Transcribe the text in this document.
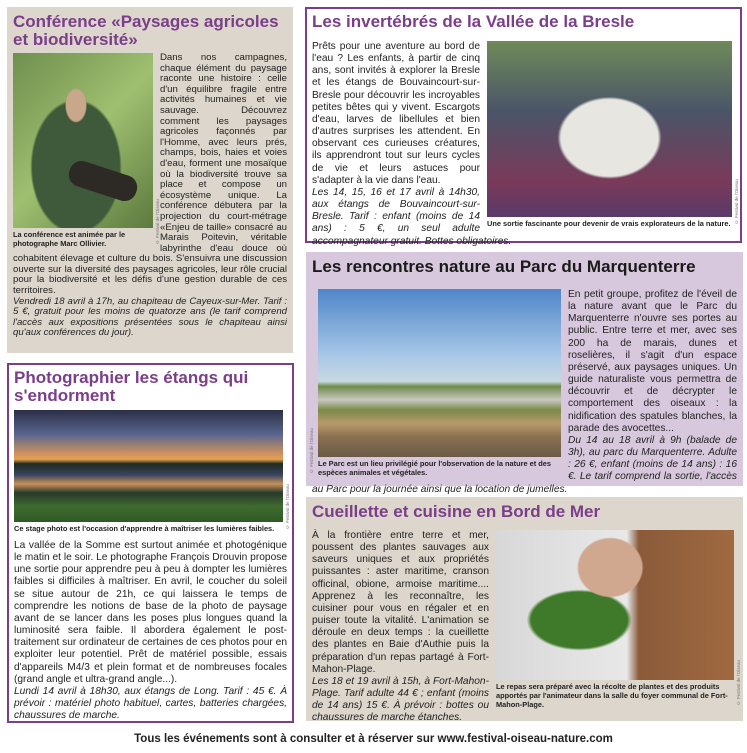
Conférence «Paysages agricoles et biodiversité»
© Festival de l'Oiseau
La conférence est animée par le photographe Marc Ollivier.

Dans nos campagnes, chaque élément du paysage raconte une histoire : celle d'un équilibre fragile entre activités humaines et vie sauvage. Découvrez comment les paysages agricoles façonnés par l'Homme, avec leurs prés, champs, bois, haies et voies d'eau, forment une mosaïque où la biodiversité trouve sa place et compose un écosystème unique. La conférence débutera par la projection du court-métrage «Enjeu de taille» consacré au Marais Poitevin, véritable labyrinthe d'eau douce où cohabitent élevage et culture du bois. S'ensuivra une discussion ouverte sur la diversité des paysages agricoles, leur rôle crucial pour la biodiversité et les défis d'une gestion durable de ces territoires.

Vendredi 18 avril à 17h, au chapiteau de Cayeux-sur-Mer. Tarif : 5 €, gratuit pour les moins de quatorze ans (le tarif comprend l'accès aux expositions présentées sous le chapiteau ainsi qu'aux conférences du jour).

Photographier les étangs qui s'endorment
© Festival de l'Oiseau
Ce stage photo est l'occasion d'apprendre à maîtriser les lumières faibles.

La vallée de la Somme est surtout animée et photogénique le matin et le soir. Le photographe François Drouvin propose une sortie pour apprendre peu à peu à dompter les lumières faibles si difficiles à maîtriser. En avril, le coucher du soleil se situe autour de 21h, ce qui laissera le temps de comprendre les notions de base de la photo de paysage avant de se lancer dans les poses plus longues quand la luminosité sera faible. Il abordera également le post-traitement sur ordinateur de certaines de ces photos pour en exploiter leur potentiel. Prêt de matériel possible, essais d'appareils M4/3 et plein format et de nombreuses focales (grand angle et ultra-grand angle...).

Lundi 14 avril à 18h30, aux étangs de Long. Tarif : 45 €. À prévoir : matériel photo habituel, cartes, batteries chargées, chaussures de marche.

Les invertébrés de la Vallée de la Bresle
© Festival de l'Oiseau
Une sortie fascinante pour devenir de vrais explorateurs de la nature.

Prêts pour une aventure au bord de l'eau ? Les enfants, à partir de cinq ans, sont invités à explorer la Bresle et les étangs de Bouvaincourt-sur-Bresle pour découvrir les incroyables petites bêtes qui y vivent. Escargots d'eau, larves de libellules et bien d'autres surprises les attendent. En observant ces curieuses créatures, ils apprendront tout sur leurs cycles de vie et leurs astuces pour s'adapter à la vie dans l'eau.

Les 14, 15, 16 et 17 avril à 14h30, aux étangs de Bouvaincourt-sur-Bresle. Tarif : enfant (moins de 14 ans) : 5 €, un seul adulte accompagnateur gratuit. Bottes obligatoires.

Les rencontres nature au Parc du Marquenterre
© Festival de l'Oiseau Le Parc est un lieu privilégié pour l'observation de la nature et des espèces animales et végétales.

En petit groupe, profitez de l'éveil de la nature avant que le Parc du Marquenterre n'ouvre ses portes au public. Entre terre et mer, avec ses 200 ha de marais, dunes et roselières, il s'agit d'un espace préservé, aux paysages uniques. Un guide naturaliste vous permettra de découvrir et de décrypter le comportement des oiseaux : la nidification des spatules blanches, la parade des avocettes...

Du 14 au 18 avril à 9h (balade de 3h), au parc du Marquenterre. Adulte : 26 €, enfant (moins de 14 ans) : 16 €. Le tarif comprend la sortie, l'accès au Parc pour la journée ainsi que la location de jumelles.

Cueillette et cuisine en Bord de Mer
© Festival de l'Oiseau
Le repas sera préparé avec la récolte de plantes et des produits apportés par l'animateur dans la salle du foyer communal de Fort-Mahon-Plage.

À la frontière entre terre et mer, poussent des plantes sauvages aux saveurs uniques et aux propriétés puissantes : aster maritime, cranson officinal, obione, armoise maritime.... Apprenez à les reconnaître, les cuisiner pour vous en régaler et en puiser toute la vitalité. L'animation se déroule en deux temps : la cueillette des plantes en Baie d'Authie puis la préparation d'un repas partagé à Fort-Mahon-Plage.

Les 18 et 19 avril à 15h, à Fort-Mahon-Plage. Tarif adulte 44 € ; enfant (moins de 14 ans) 15 €. À prévoir : bottes ou chaussures de marche étanches.

Tous les événements sont à consulter et à réserver sur www.festival-oiseau-nature.com
